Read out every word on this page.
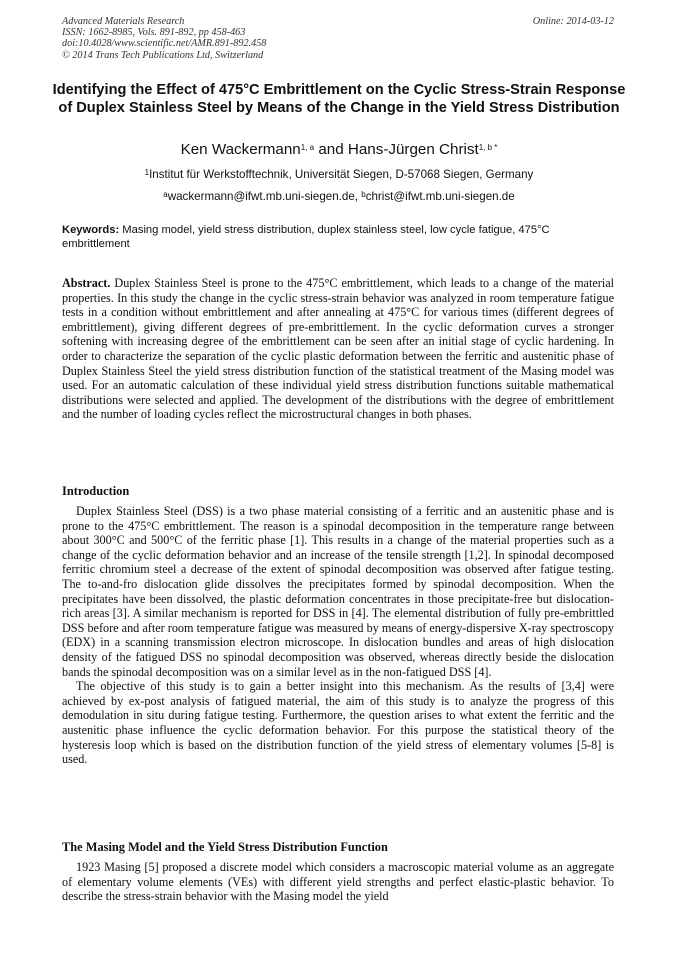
Advanced Materials Research
ISSN: 1662-8985, Vols. 891-892, pp 458-463
doi:10.4028/www.scientific.net/AMR.891-892.458
© 2014 Trans Tech Publications Ltd, Switzerland
Online: 2014-03-12
Identifying the Effect of 475°C Embrittlement on the Cyclic Stress-Strain Response of Duplex Stainless Steel by Means of the Change in the Yield Stress Distribution
Ken Wackermann$^{1, a}$ and Hans-Jürgen Christ$^{1, b *}$
$^1$Institut für Werkstofftechnik, Universität Siegen, D-57068 Siegen, Germany
$^a$wackermann@ifwt.mb.uni-siegen.de, $^b$christ@ifwt.mb.uni-siegen.de
Keywords: Masing model, yield stress distribution, duplex stainless steel, low cycle fatigue, 475°C embrittlement
Abstract. Duplex Stainless Steel is prone to the 475°C embrittlement, which leads to a change of the material properties. In this study the change in the cyclic stress-strain behavior was analyzed in room temperature fatigue tests in a condition without embrittlement and after annealing at 475°C for various times (different degrees of embrittlement), giving different degrees of pre-embrittlement. In the cyclic deformation curves a stronger softening with increasing degree of the embrittlement can be seen after an initial stage of cyclic hardening. In order to characterize the separation of the cyclic plastic deformation between the ferritic and austenitic phase of Duplex Stainless Steel the yield stress distribution function of the statistical treatment of the Masing model was used. For an automatic calculation of these individual yield stress distribution functions suitable mathematical distributions were selected and applied. The development of the distributions with the degree of embrittlement and the number of loading cycles reflect the microstructural changes in both phases.
Introduction

Duplex Stainless Steel (DSS) is a two phase material consisting of a ferritic and an austenitic phase and is prone to the 475°C embrittlement. The reason is a spinodal decomposition in the temperature range between about 300°C and 500°C of the ferritic phase [1]. This results in a change of the material properties such as a change of the cyclic deformation behavior and an increase of the tensile strength [1,2]. In spinodal decomposed ferritic chromium steel a decrease of the extent of spinodal decomposition was observed after fatigue testing. The to-and-fro dislocation glide dissolves the precipitates formed by spinodal decomposition. When the precipitates have been dissolved, the plastic deformation concentrates in those precipitate-free but dislocation-rich areas [3]. A similar mechanism is reported for DSS in [4]. The elemental distribution of fully pre-embrittled DSS before and after room temperature fatigue was measured by means of energy-dispersive X-ray spectroscopy (EDX) in a scanning transmission electron microscope. In dislocation bundles and areas of high dislocation density of the fatigued DSS no spinodal decomposition was observed, whereas directly beside the dislocation bands the spinodal decomposition was on a similar level as in the non-fatigued DSS [4].

The objective of this study is to gain a better insight into this mechanism. As the results of [3,4] were achieved by ex-post analysis of fatigued material, the aim of this study is to analyze the progress of this demodulation in situ during fatigue testing. Furthermore, the question arises to what extent the ferritic and the austenitic phase influence the cyclic deformation behavior. For this purpose the statistical theory of the hysteresis loop which is based on the distribution function of the yield stress of elementary volumes [5-8] is used.

The Masing Model and the Yield Stress Distribution Function

1923 Masing [5] proposed a discrete model which considers a macroscopic material volume as an aggregate of elementary volume elements (VEs) with different yield strengths and perfect elastic-plastic behavior. To describe the stress-strain behavior with the Masing model the yield
